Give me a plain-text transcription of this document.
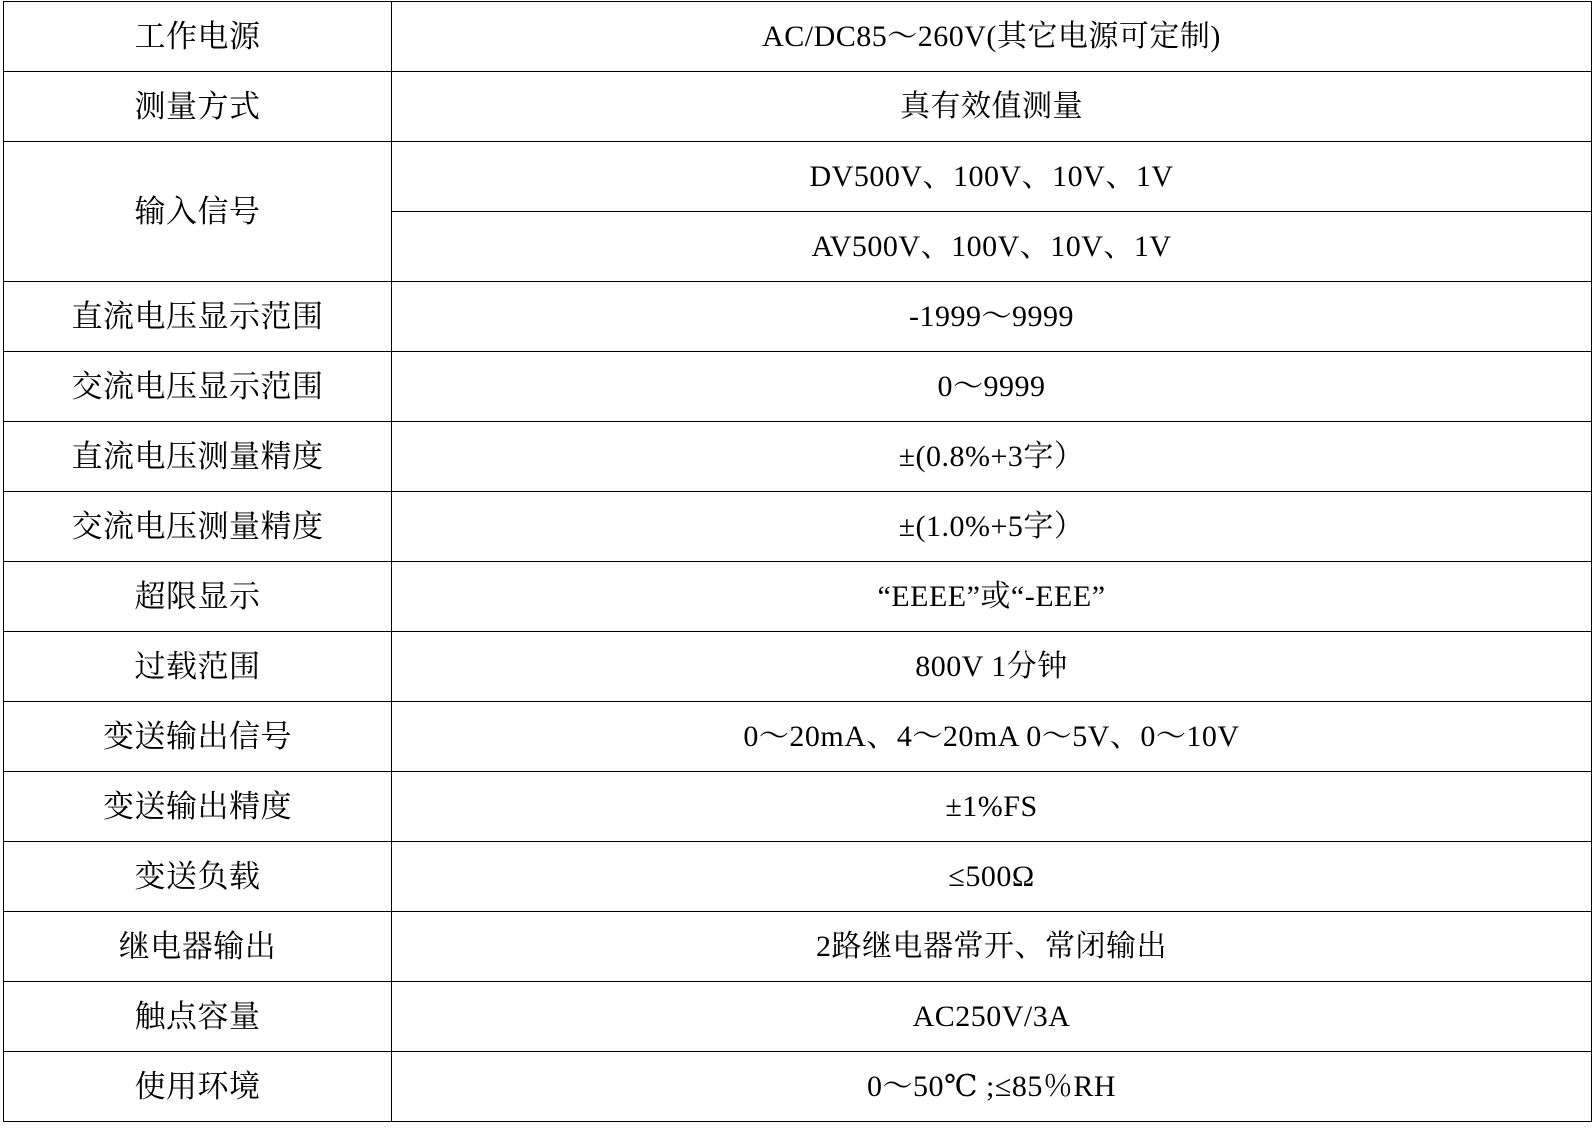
工作电源	AC/DC85～260V(其它电源可定制)
测量方式	真有效值测量
输入信号	DV500V、100V、10V、1V
	AV500V、100V、10V、1V
直流电压显示范围	-1999～9999
交流电压显示范围	0～9999
直流电压测量精度	±(0.8%+3字）
交流电压测量精度	±(1.0%+5字）
超限显示	“EEEE”或“-EEE”
过载范围	800V 1分钟
变送输出信号	0～20mA、4～20mA 0～5V、0～10V
变送输出精度	±1%FS
变送负载	≤500Ω
继电器输出	2路继电器常开、常闭输出
触点容量	AC250V/3A
使用环境	0～50℃ ;≤85％RH
